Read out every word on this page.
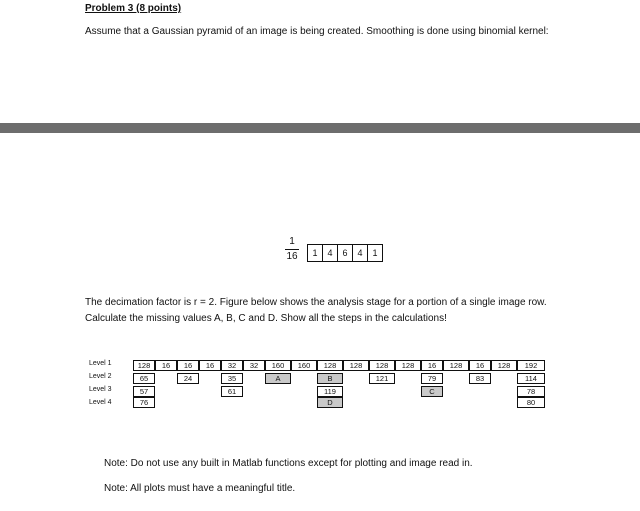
Problem 3 (8 points)
Assume that a Gaussian pyramid of an image is being created. Smoothing is done using binomial kernel:
1
16	1	4	6	4	1
The decimation factor is r = 2. Figure below shows the analysis stage for a portion of a single image row.
Calculate the missing values A, B, C and D. Show all the steps in the calculations!
Level 1
Level 2
Level 3
Level 4
128	16	16	16	32	32	160	160	128	128	128	128	16	128	16	128	192
65	24	35	A	B	121	79	83	114
57	61	119	C	78
76	D	80
Note: Do not use any built in Matlab functions except for plotting and image read in.
Note: All plots must have a meaningful title.
